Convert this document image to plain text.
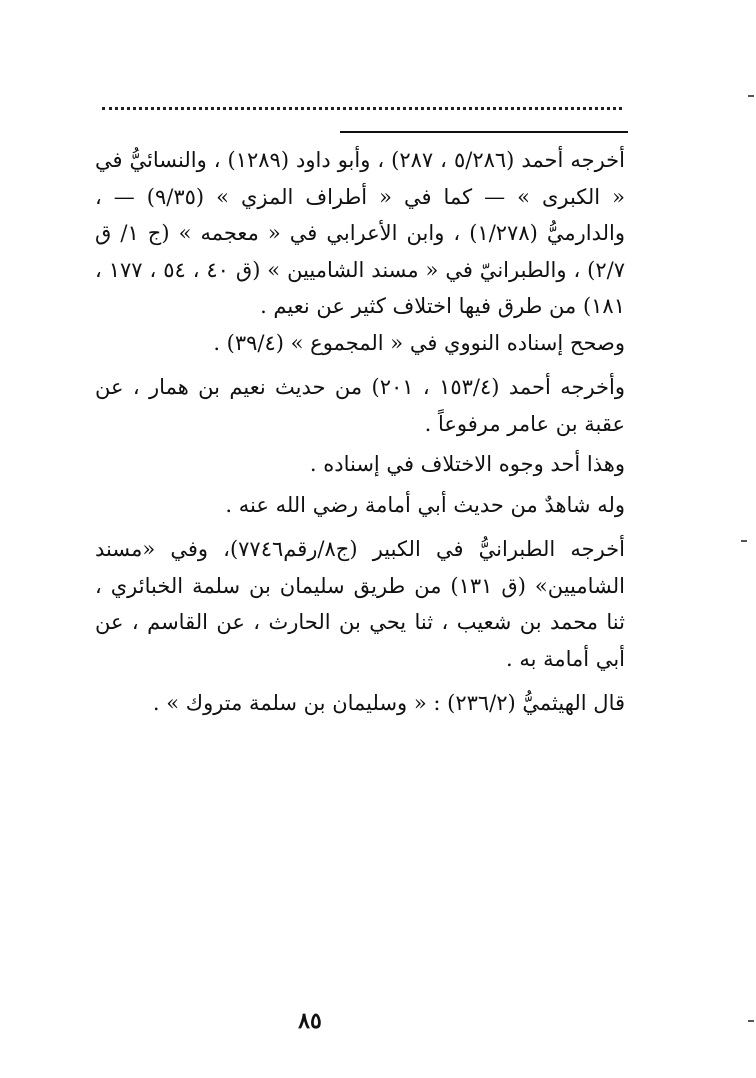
أخرجه أحمد (٥/٢٨٦ ، ٢٨٧) ، وأبو داود (١٢٨٩) ، والنسائيُّ في « الكبرى » — كما في « أطراف المزي » (٩/٣٥) — ، والدارميُّ (١/٢٧٨) ، وابن الأعرابي في « معجمه » (ج ١/ ق ٢/٧) ، والطبرانيّ في « مسند الشاميين » (ق ٤٠ ، ٥٤ ، ١٧٧ ، ١٨١) من طرق فيها اختلاف كثير عن نعيم .

وصحح إسناده النووي في « المجموع » (٣٩/٤) .

وأخرجه أحمد (١٥٣/٤ ، ٢٠١) من حديث نعيم بن همار ، عن عقبة بن عامر مرفوعاً .

وهذا أحد وجوه الاختلاف في إسناده .

وله شاهدٌ من حديث أبي أمامة رضي الله عنه .

أخرجه الطبرانيُّ في الكبير (ج٨/رقم٧٧٤٦)، وفي «مسند الشاميين» (ق ١٣١) من طريق سليمان بن سلمة الخبائري ، ثنا محمد بن شعيب ، ثنا يحي بن الحارث ، عن القاسم ، عن أبي أمامة به .

قال الهيثميُّ (٢٣٦/٢) : « وسليمان بن سلمة متروك » .

٨٥
